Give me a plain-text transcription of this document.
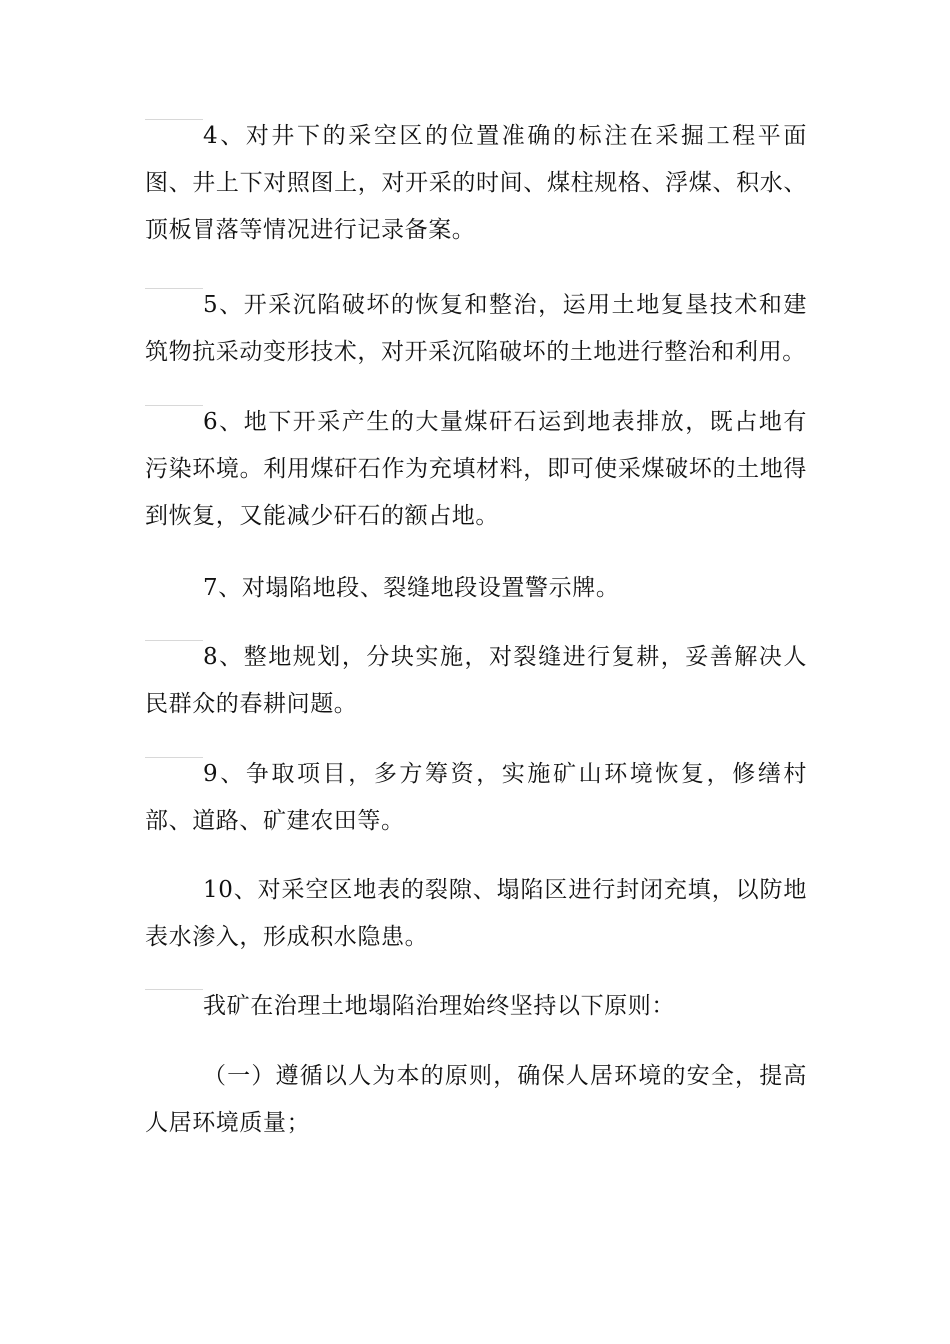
4、对井下的采空区的位置准确的标注在采掘工程平面图、井上下对照图上，对开采的时间、煤柱规格、浮煤、积水、顶板冒落等情况进行记录备案。
5、开采沉陷破坏的恢复和整治，运用土地复垦技术和建筑物抗采动变形技术，对开采沉陷破坏的土地进行整治和利用。
6、地下开采产生的大量煤矸石运到地表排放，既占地有污染环境。利用煤矸石作为充填材料，即可使采煤破坏的土地得到恢复，又能减少矸石的额占地。
7、对塌陷地段、裂缝地段设置警示牌。
8、整地规划，分块实施，对裂缝进行复耕，妥善解决人民群众的春耕问题。
9、争取项目，多方筹资，实施矿山环境恢复，修缮村部、道路、矿建农田等。
10、对采空区地表的裂隙、塌陷区进行封闭充填，以防地表水渗入，形成积水隐患。
我矿在治理土地塌陷治理始终坚持以下原则：
（一）遵循以人为本的原则，确保人居环境的安全，提高人居环境质量；
